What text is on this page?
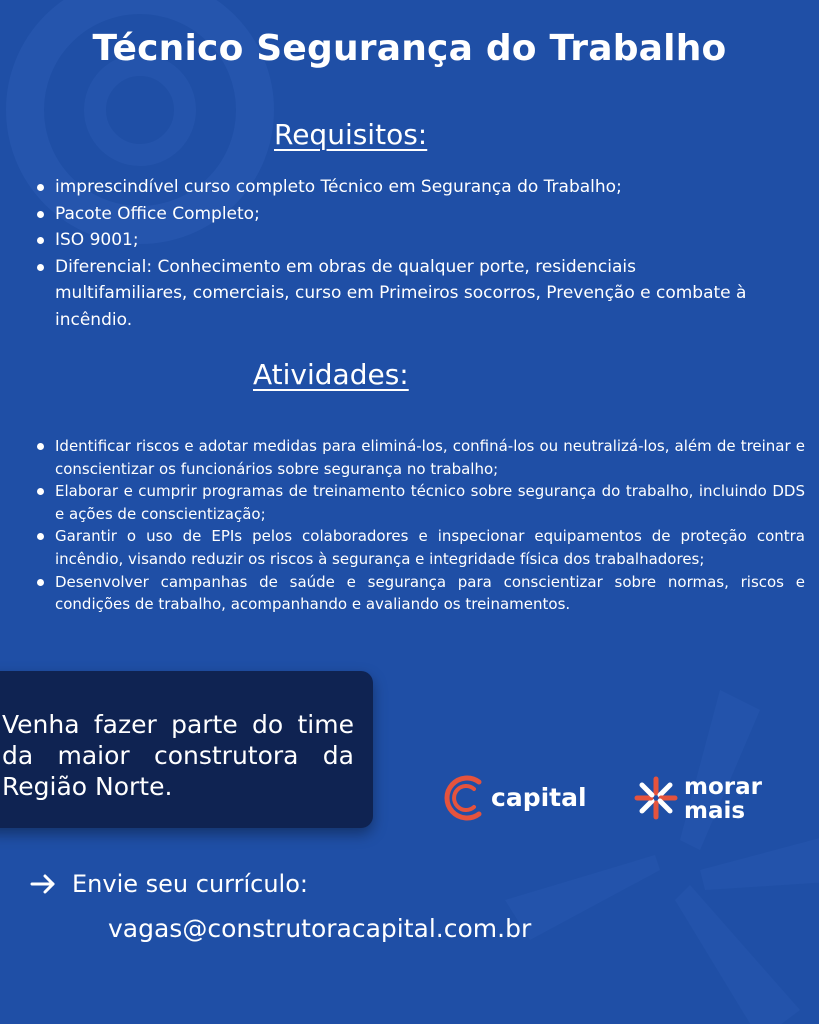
Técnico Segurança do Trabalho
Requisitos:
imprescindível curso completo Técnico em Segurança do Trabalho;
Pacote Office Completo;
ISO 9001;
Diferencial: Conhecimento em obras de qualquer porte, residenciais multifamiliares, comerciais, curso em Primeiros socorros, Prevenção e combate à incêndio.
Atividades:
Identificar riscos e adotar medidas para eliminá-los, confiná-los ou neutralizá-los, além de treinar e conscientizar os funcionários sobre segurança no trabalho;
Elaborar e cumprir programas de treinamento técnico sobre segurança do trabalho, incluindo DDS e ações de conscientização;
Garantir o uso de EPIs pelos colaboradores e inspecionar equipamentos de proteção contra incêndio, visando reduzir os riscos à segurança e integridade física dos trabalhadores;
Desenvolver campanhas de saúde e segurança para conscientizar sobre normas, riscos e condições de trabalho, acompanhando e avaliando os treinamentos.

Venha fazer parte do time da maior construtora da Região Norte.	capital	morar
mais
Envie seu currículo:
vagas@construtoracapital.com.br
